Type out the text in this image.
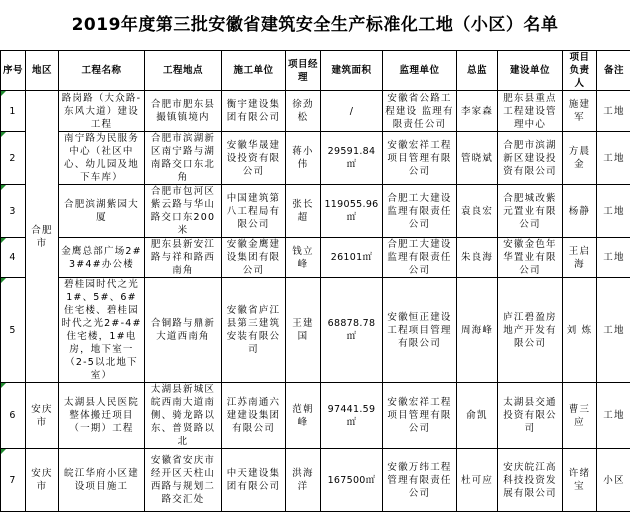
2019年度第三批安徽省建筑安全生产标准化工地（小区）名单
序号	地区	工程名称	工程地点	施工单位	项目经理	建筑面积	监理单位	总监	建设单位	项目负责人	备注
1	合肥市	路岗路（大众路-东风大道）建设工程	合肥市肥东县撮镇镇境内	衡宇建设集团有限公司	徐劲松	/	安徽省公路工程建设 监理有限责任公司	李家森	肥东县重点工程建设管理中心	施建军	工地
2		南宁路为民服务中心（社区中心、幼儿园及地下车库）	合肥市滨湖新区南宁路与湖南路交口东北角	安徽华晟建设投资有限公司	蒋小伟	29591.84㎡	安徽宏祥工程项目管理有限公司	管晓斌	合肥市滨湖新区建设投资有限公司	方晨金	工地
3		合肥滨湖紫园大厦	合肥市包河区紫云路与华山路交口东200米	中国建筑第八工程局有限公司	张长超	119055.96㎡	合肥工大建设监理有限责任公司	袁良宏	合肥城改紫元置业有限公司	杨静	工地
4		金鹰总部广场2#3#4#办公楼	肥东县新安江路与祥和路西南角	安徽金鹰建设集团有限公司	钱立峰	26101㎡	合肥工大建设监理有限责任公司	朱良海	安徽金色年华置业有限公司	王启海	工地
5		碧桂园时代之光1#、5#、6#住宅楼、碧桂园时代之光2#-4#住宅楼，1#电房，地下室一（2-5以北地下室）	合铜路与鼎新大道西南角	安徽省庐江县第三建筑安装有限公司	王建国	68878.78㎡	安徽恒正建设工程项目管理有限公司	周海峰	庐江碧盈房地产开发有限公司	刘 炼	工地
6	安庆市	太湖县人民医院整体搬迁项目（一期）工程	太湖县新城区皖西南大道南侧、骑龙路以东、普贤路以北	江苏南通六建建设集团有限公司	范朝峰	97441.59㎡	安徽宏祥工程项目管理有限公司	俞凯	太湖县交通投资有限公司	曹三应	工地
7	安庆市	皖江华府小区建设项目施工	安徽省安庆市经开区天柱山西路与规划二路交汇处	中天建设集团有限公司	洪海洋	167500㎡	安徽万纬工程管理有限责任公司	杜可应	安庆皖江高科技投资发展有限公司	许绪宝	小区
